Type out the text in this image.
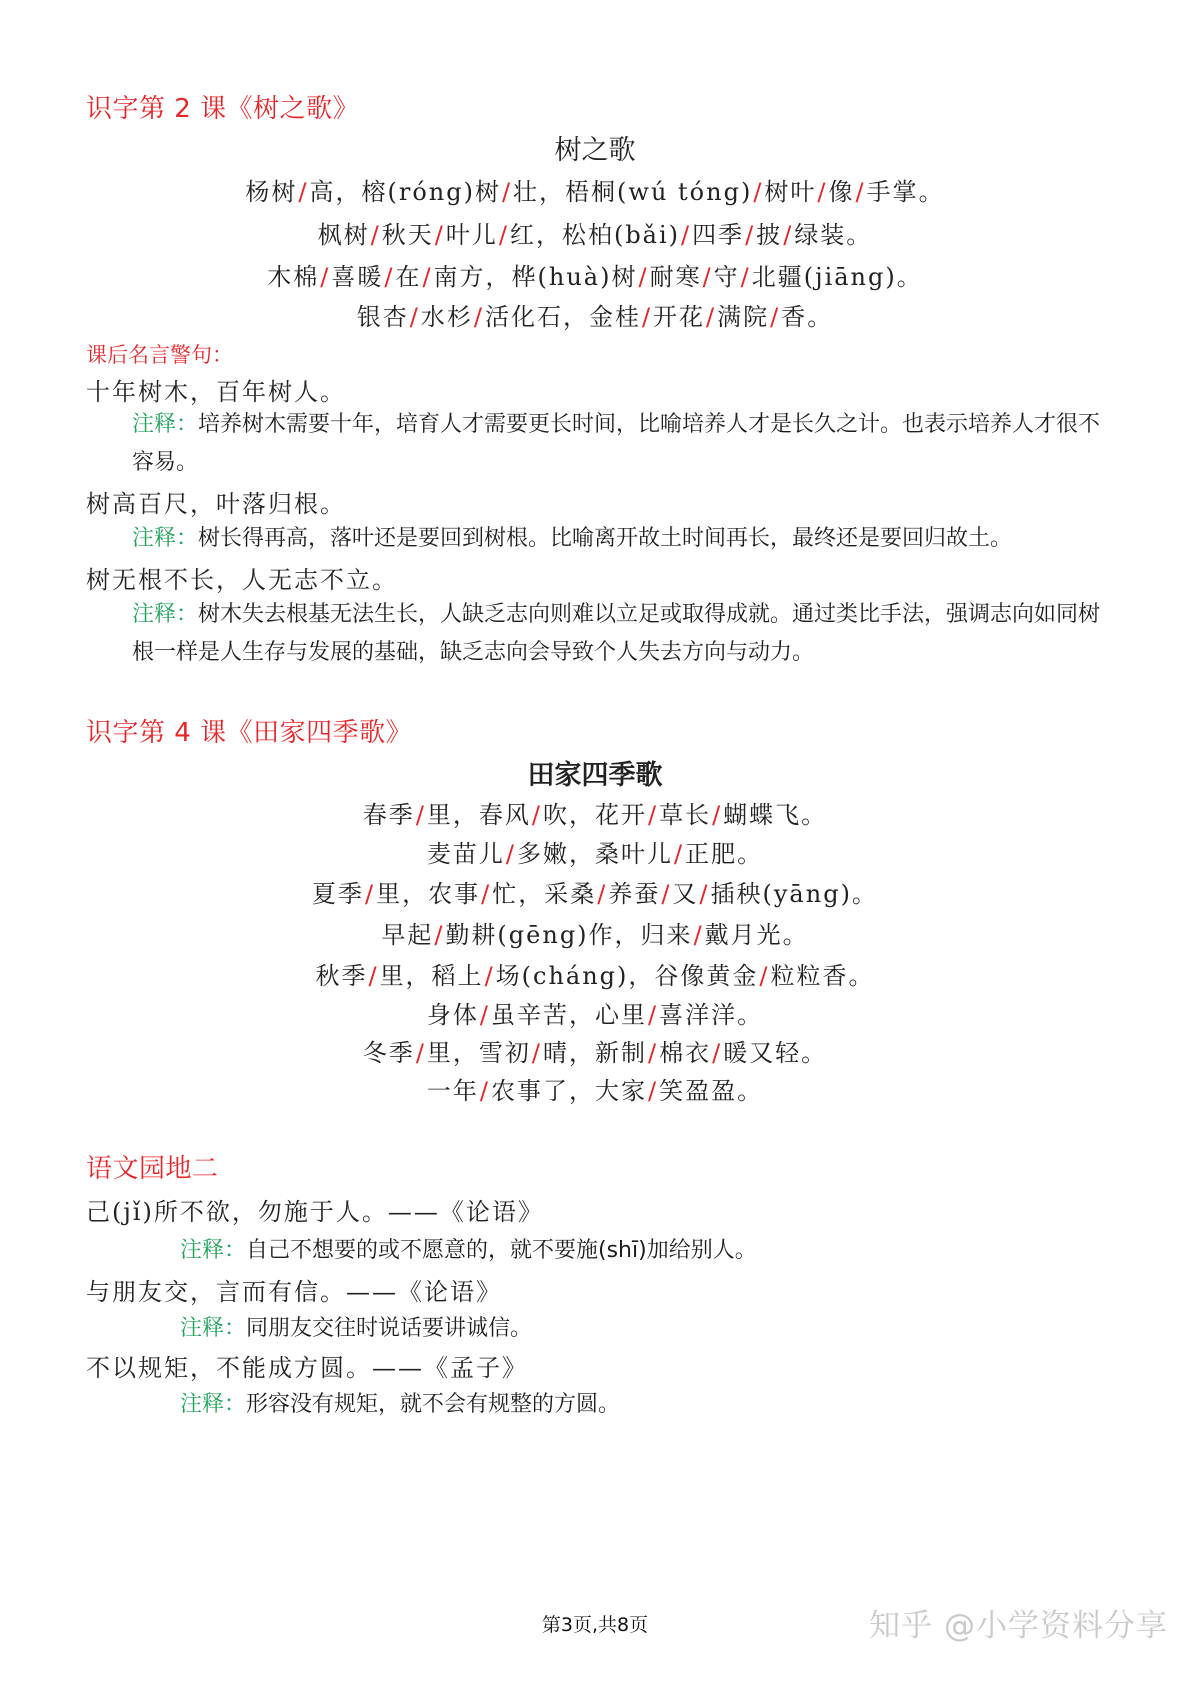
识字第 2 课《树之歌》
树之歌
杨树/高，榕(róng)树/壮，梧桐(wú tóng)/树叶/像/手掌。
枫树/秋天/叶儿/红，松柏(bǎi)/四季/披/绿装。
木棉/喜暖/在/南方，桦(huà)树/耐寒/守/北疆(jiāng)。
银杏/水杉/活化石，金桂/开花/满院/香。
课后名言警句：
十年树木，百年树人。
注释：培养树木需要十年，培育人才需要更长时间，比喻培养人才是长久之计。也表示培养人才很不容易。
树高百尺，叶落归根。
注释：树长得再高，落叶还是要回到树根。比喻离开故土时间再长，最终还是要回归故土。
树无根不长，人无志不立。
注释：树木失去根基无法生长，人缺乏志向则难以立足或取得成就。通过类比手法，强调志向如同树根一样是人生存与发展的基础，缺乏志向会导致个人失去方向与动力。
识字第 4 课《田家四季歌》
田家四季歌
春季/里，春风/吹，花开/草长/蝴蝶飞。
麦苗儿/多嫩，桑叶儿/正肥。
夏季/里，农事/忙，采桑/养蚕/又/插秧(yāng)。
早起/勤耕(gēng)作，归来/戴月光。
秋季/里，稻上/场(cháng)，谷像黄金/粒粒香。
身体/虽辛苦，心里/喜洋洋。
冬季/里，雪初/晴，新制/棉衣/暖又轻。
一年/农事了，大家/笑盈盈。
语文园地二
己(jǐ)所不欲，勿施于人。——《论语》
注释：自己不想要的或不愿意的，就不要施(shī)加给别人。
与朋友交，言而有信。——《论语》
注释：同朋友交往时说话要讲诚信。
不以规矩，不能成方圆。——《孟子》
注释：形容没有规矩，就不会有规整的方圆。
第3页,共8页	知乎 @小学资料分享
